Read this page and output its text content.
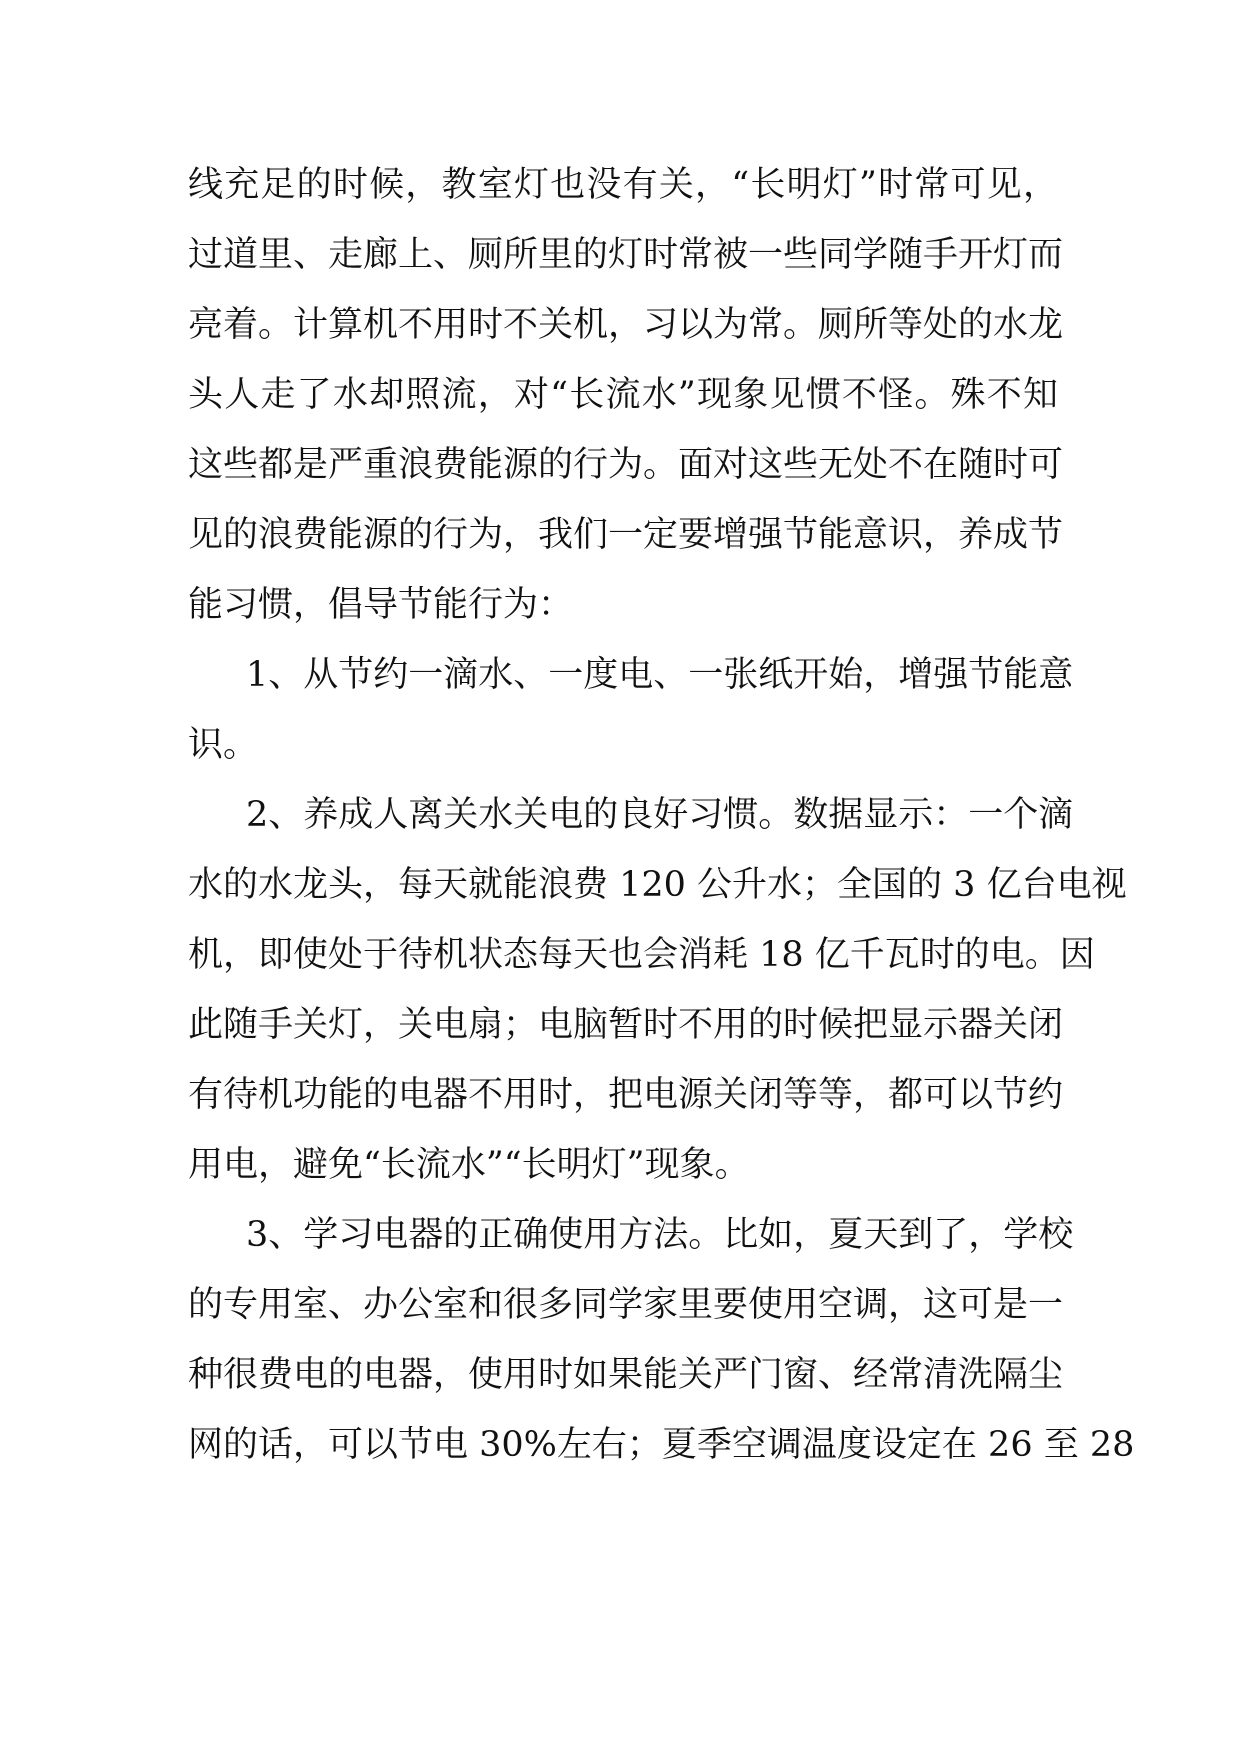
线充足的时候，教室灯也没有关，“长明灯”时常可见，
过道里、走廊上、厕所里的灯时常被一些同学随手开灯而
亮着。计算机不用时不关机，习以为常。厕所等处的水龙
头人走了水却照流，对“长流水”现象见惯不怪。殊不知
这些都是严重浪费能源的行为。面对这些无处不在随时可
见的浪费能源的行为，我们一定要增强节能意识，养成节
能习惯，倡导节能行为：
1、从节约一滴水、一度电、一张纸开始，增强节能意
识。
2、养成人离关水关电的良好习惯。数据显示：一个滴
水的水龙头，每天就能浪费 120 公升水；全国的 3 亿台电视
机，即使处于待机状态每天也会消耗 18 亿千瓦时的电。因
此随手关灯，关电扇；电脑暂时不用的时候把显示器关闭
有待机功能的电器不用时，把电源关闭等等，都可以节约
用电，避免“长流水”“长明灯”现象。
3、学习电器的正确使用方法。比如，夏天到了，学校
的专用室、办公室和很多同学家里要使用空调，这可是一
种很费电的电器，使用时如果能关严门窗、经常清洗隔尘
网的话，可以节电 30%左右；夏季空调温度设定在 26 至 28
